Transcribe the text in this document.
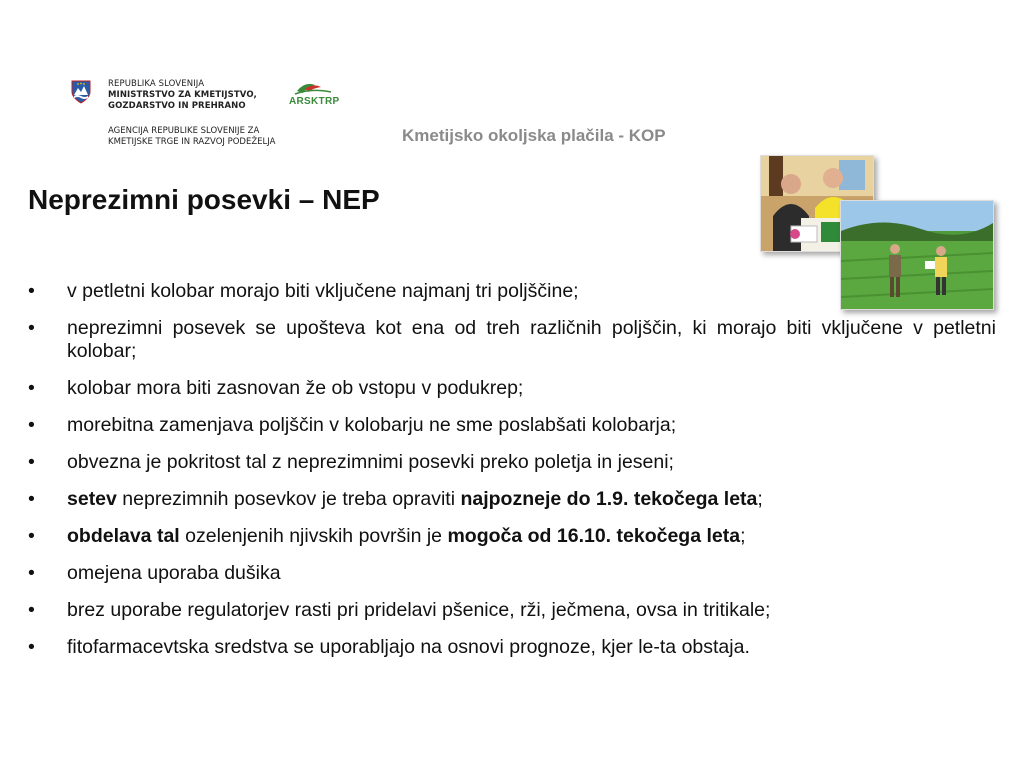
REPUBLIKA SLOVENIJA
MINISTRSTVO ZA KMETIJSTVO,
GOZDARSTVO IN PREHRANO
AGENCIJA REPUBLIKE SLOVENIJE ZA
KMETIJSKE TRGE IN RAZVOJ PODEŽELJA
ARSKTRP
Kmetijsko okoljska plačila - KOP
Neprezimni posevki – NEP
• v petletni kolobar morajo biti vključene najmanj tri poljščine;
• neprezimni posevek se upošteva kot ena od treh različnih poljščin, ki morajo biti vključene v petletni kolobar;
• kolobar mora biti zasnovan že ob vstopu v podukrep;
• morebitna zamenjava poljščin v kolobarju ne sme poslabšati kolobarja;
• obvezna je pokritost tal z neprezimnimi posevki preko poletja in jeseni;
• setev neprezimnih posevkov je treba opraviti najpozneje do 1.9. tekočega leta;
• obdelava tal ozelenjenih njivskih površin je mogoča od 16.10. tekočega leta;
• omejena uporaba dušika
• brez uporabe regulatorjev rasti pri pridelavi pšenice, rži, ječmena, ovsa in tritikale;
• fitofarmacevtska sredstva se uporabljajo na osnovi prognoze, kjer le-ta obstaja.
